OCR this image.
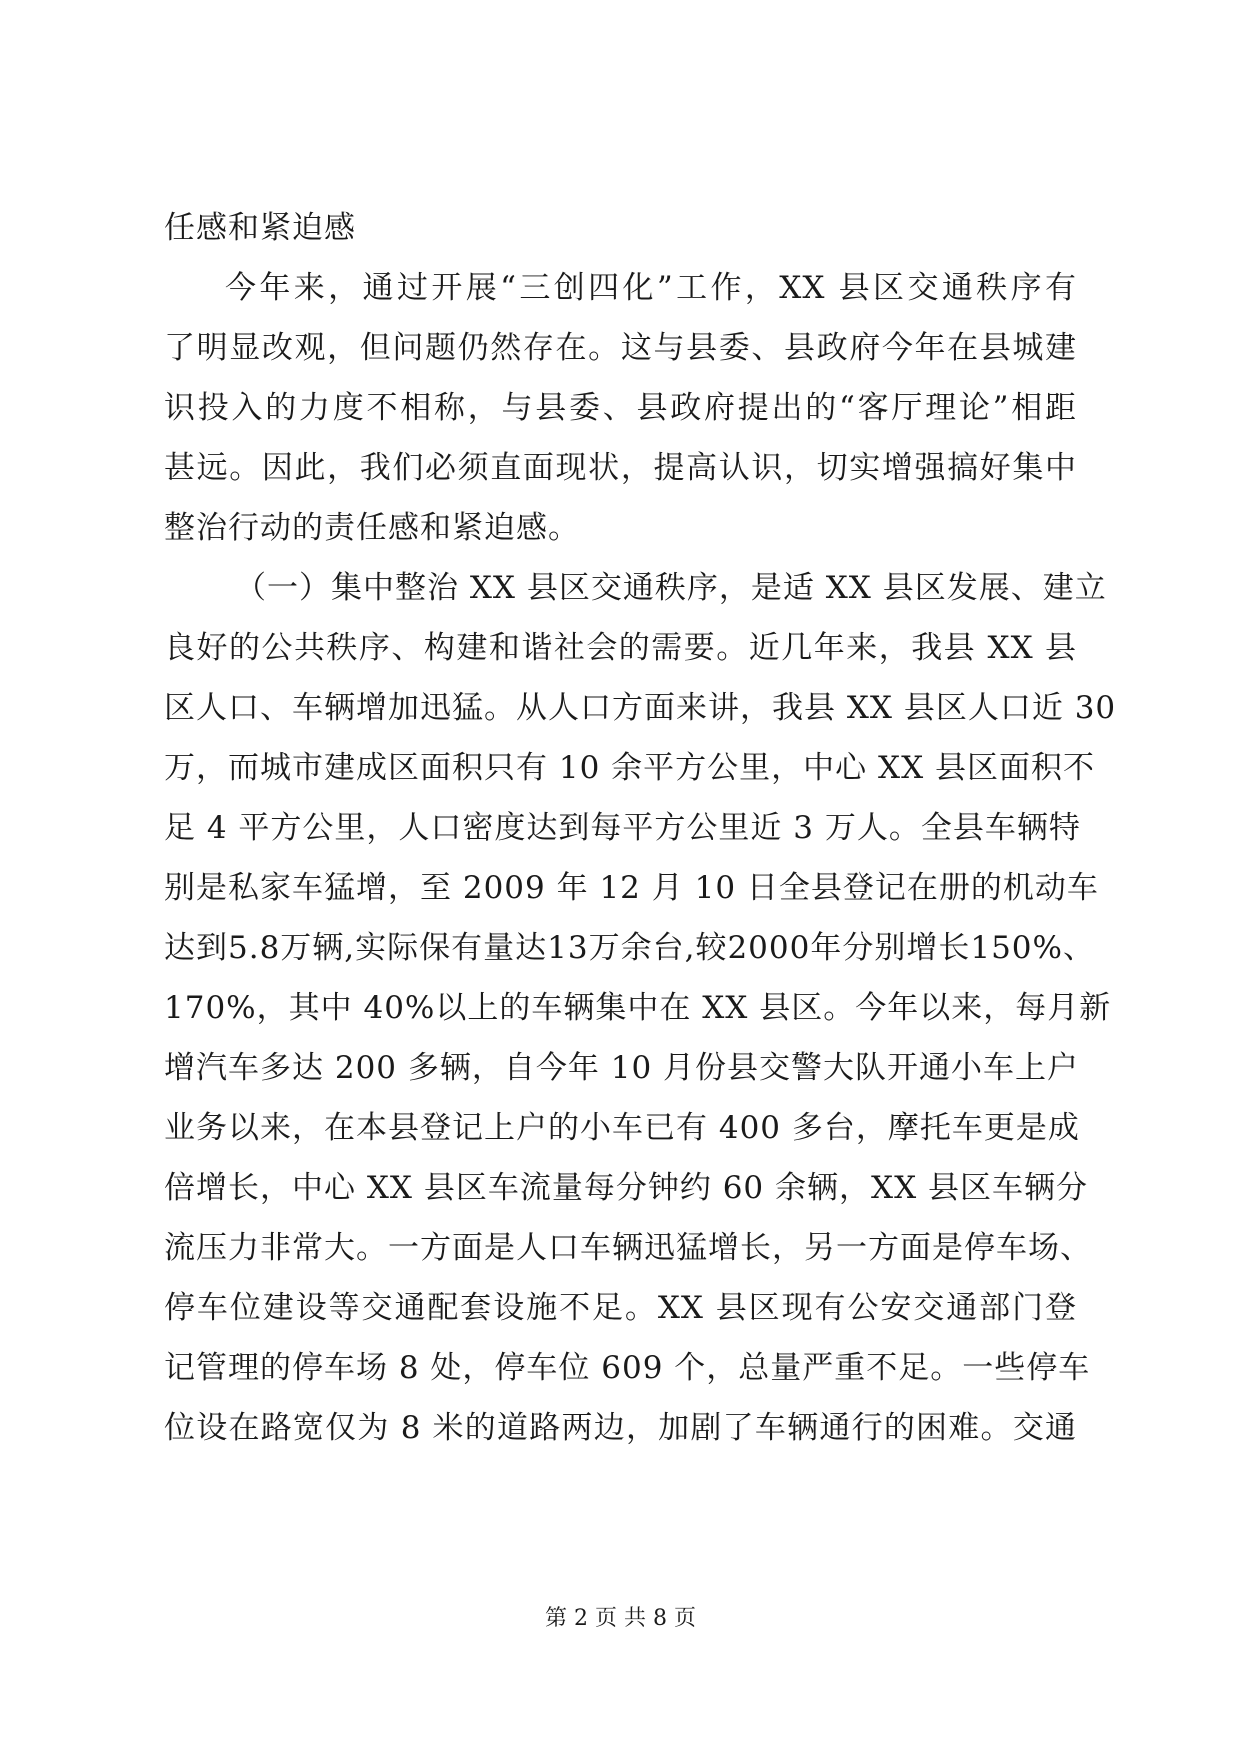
任感和紧迫感
今年来，通过开展“三创四化”工作，XX 县区交通秩序有
了明显改观，但问题仍然存在。这与县委、县政府今年在县城建
识投入的力度不相称，与县委、县政府提出的“客厅理论”相距
甚远。因此，我们必须直面现状，提高认识，切实增强搞好集中
整治行动的责任感和紧迫感。
（一）集中整治 XX 县区交通秩序，是适 XX 县区发展、建立
良好的公共秩序、构建和谐社会的需要。近几年来，我县 XX 县
区人口、车辆增加迅猛。从人口方面来讲，我县 XX 县区人口近 30
万，而城市建成区面积只有 10 余平方公里，中心 XX 县区面积不
足 4 平方公里，人口密度达到每平方公里近 3 万人。全县车辆特
别是私家车猛增，至 2009 年 12 月 10 日全县登记在册的机动车
达到5.8万辆,实际保有量达13万余台,较2000年分别增长150%、
170%，其中 40%以上的车辆集中在 XX 县区。今年以来，每月新
增汽车多达 200 多辆，自今年 10 月份县交警大队开通小车上户
业务以来，在本县登记上户的小车已有 400 多台，摩托车更是成
倍增长，中心 XX 县区车流量每分钟约 60 余辆，XX 县区车辆分
流压力非常大。一方面是人口车辆迅猛增长，另一方面是停车场、
停车位建设等交通配套设施不足。XX 县区现有公安交通部门登
记管理的停车场 8 处，停车位 609 个，总量严重不足。一些停车
位设在路宽仅为 8 米的道路两边，加剧了车辆通行的困难。交通
第 2 页 共 8 页
